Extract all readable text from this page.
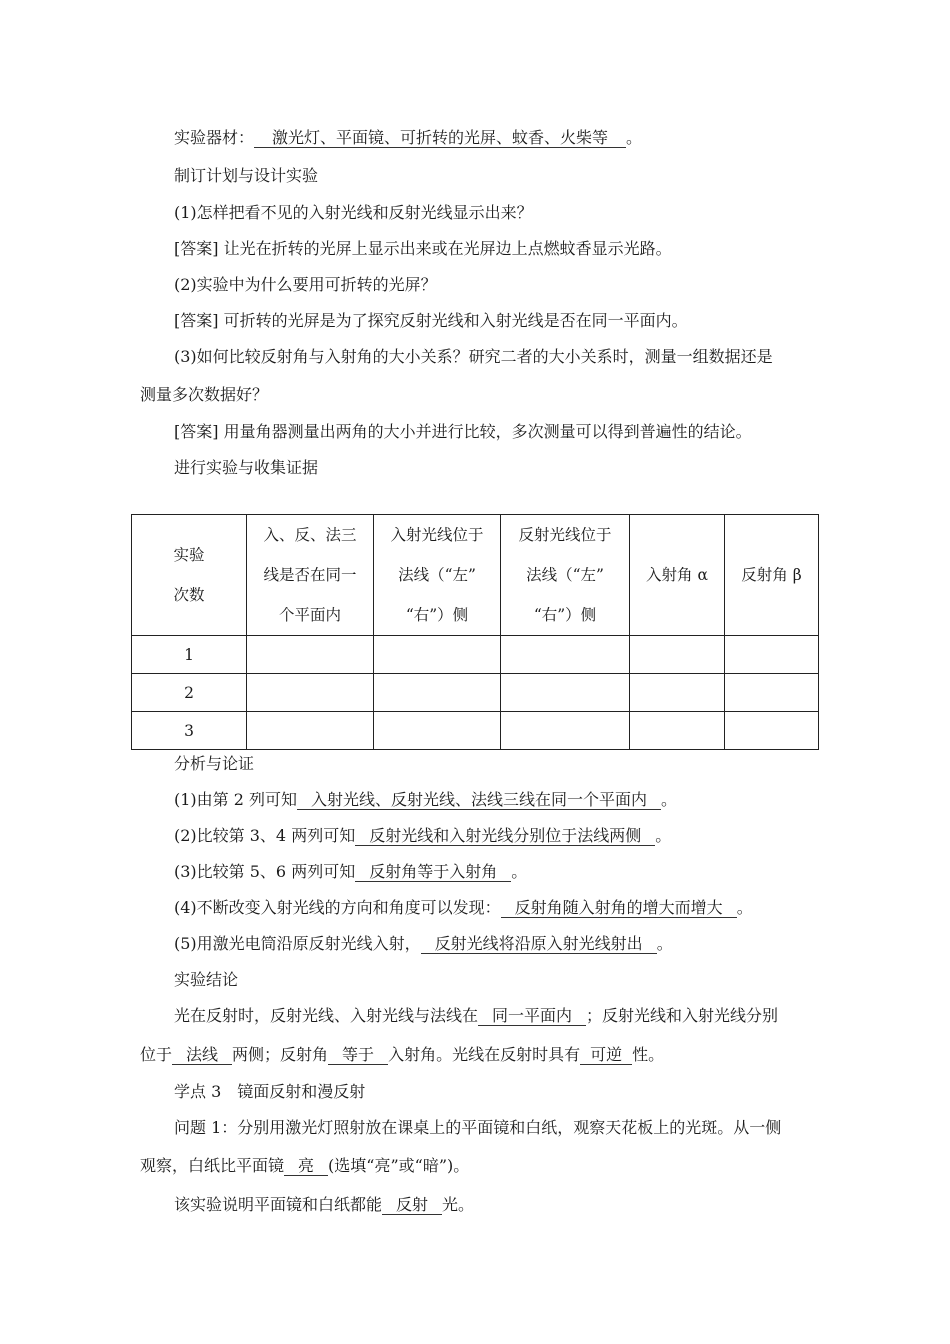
实验器材： 激光灯、平面镜、可折转的光屏、蚊香、火柴等 。
制订计划与设计实验
(1)怎样把看不见的入射光线和反射光线显示出来？
[答案] 让光在折转的光屏上显示出来或在光屏边上点燃蚊香显示光路。
(2)实验中为什么要用可折转的光屏？
[答案] 可折转的光屏是为了探究反射光线和入射光线是否在同一平面内。
(3)如何比较反射角与入射角的大小关系？研究二者的大小关系时，测量一组数据还是
测量多次数据好？
[答案] 用量角器测量出两角的大小并进行比较，多次测量可以得到普遍性的结论。
进行实验与收集证据
实验
次数	入、反、法三
线是否在同一
个平面内	入射光线位于
法线（“左”
“右”）侧	反射光线位于
法线（“左”
“右”）侧	入射角 α	反射角 β
1					
2					
3					
分析与论证
(1)由第 2 列可知 入射光线、反射光线、法线三线在同一个平面内 。
(2)比较第 3、4 两列可知 反射光线和入射光线分别位于法线两侧 。
(3)比较第 5、6 两列可知 反射角等于入射角 。
(4)不断改变入射光线的方向和角度可以发现： 反射角随入射角的增大而增大 。
(5)用激光电筒沿原反射光线入射， 反射光线将沿原入射光线射出 。
实验结论
光在反射时，反射光线、入射光线与法线在 同一平面内 ；反射光线和入射光线分别
位于 法线 两侧；反射角 等于 入射角。光线在反射时具有 可逆 性。
学点 3　镜面反射和漫反射
问题 1：分别用激光灯照射放在课桌上的平面镜和白纸，观察天花板上的光斑。从一侧
观察，白纸比平面镜 亮 (选填“亮”或“暗”)。
该实验说明平面镜和白纸都能 反射 光。
